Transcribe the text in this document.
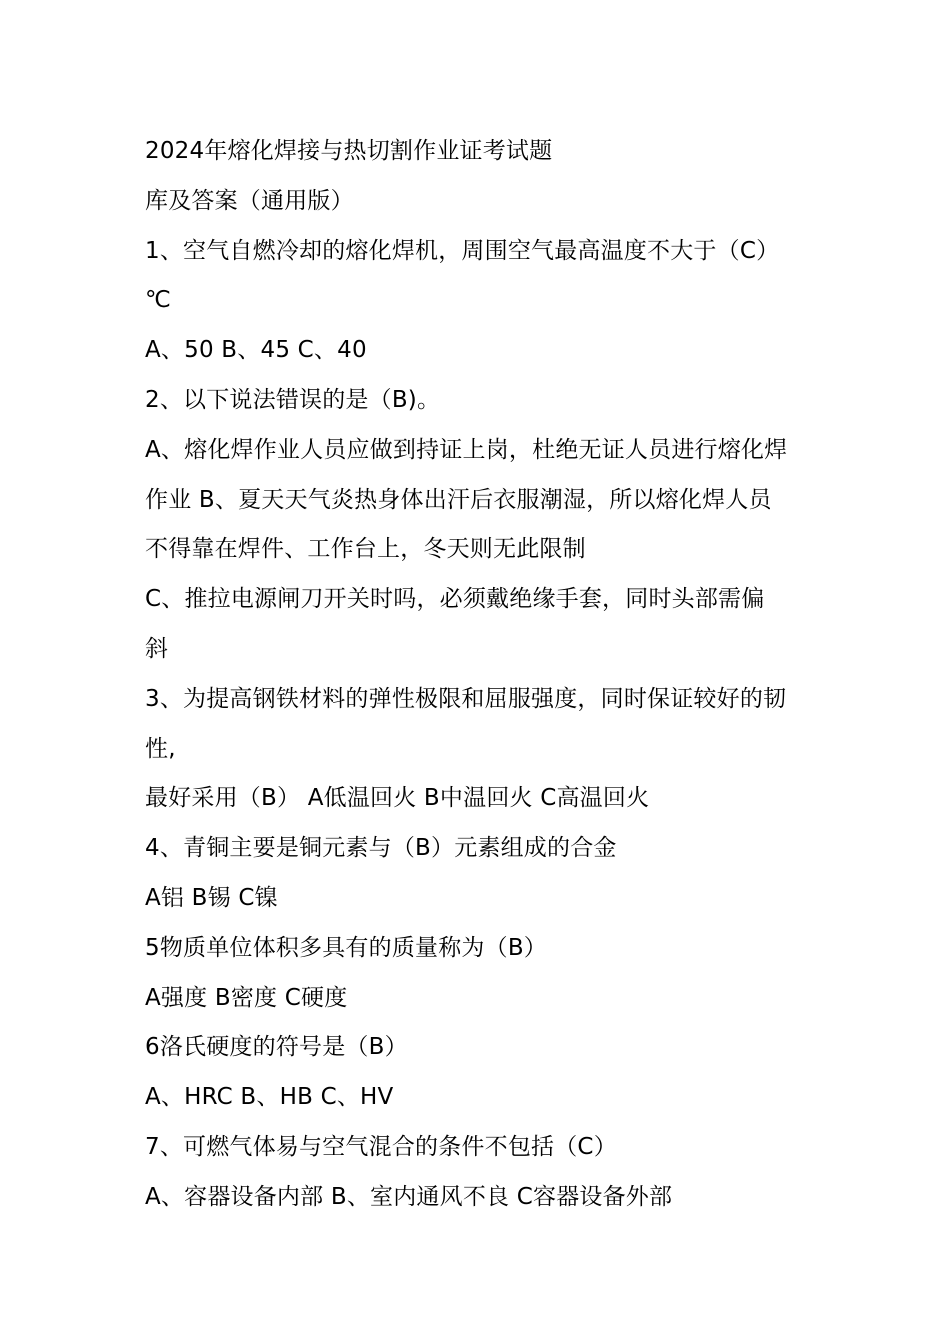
2024年熔化焊接与热切割作业证考试题
库及答案（通用版）
1、空气自燃冷却的熔化焊机，周围空气最高温度不大于（C）
℃
A、50 B、45 C、40
2、以下说法错误的是（B)。
A、熔化焊作业人员应做到持证上岗，杜绝无证人员进行熔化焊
作业 B、夏天天气炎热身体出汗后衣服潮湿，所以熔化焊人员
不得靠在焊件、工作台上，冬天则无此限制
C、推拉电源闸刀开关时吗，必须戴绝缘手套，同时头部需偏
斜
3、为提高钢铁材料的弹性极限和屈服强度，同时保证较好的韧
性,
最好采用（B） A低温回火 B中温回火 C高温回火
4、青铜主要是铜元素与（B）元素组成的合金
A铝 B锡 C镍
5物质单位体积多具有的质量称为（B）
A强度 B密度 C硬度
6洛氏硬度的符号是（B）
A、HRC B、HB C、HV
7、可燃气体易与空气混合的条件不包括（C）
A、容器设备内部 B、室内通风不良 C容器设备外部
